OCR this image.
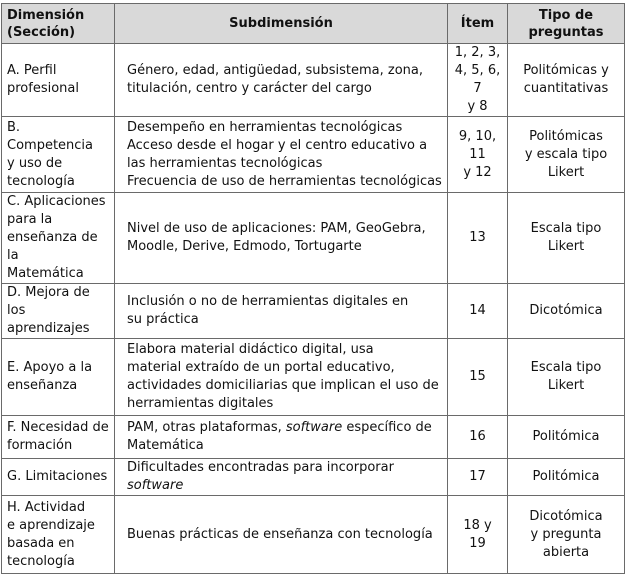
Dimensión
(Sección)	Subdimensión	Ítem	Tipo de
preguntas

A. Perfil
profesional	Género, edad, antigüedad, subsistema, zona,
titulación, centro y carácter del cargo	1, 2, 3,
4, 5, 6, 7
y 8	Politómicas y
cuantitativas

B. Competencia
y uso de
tecnología	Desempeño en herramientas tecnológicas
Acceso desde el hogar y el centro educativo a
las herramientas tecnológicas
Frecuencia de uso de herramientas tecnológicas	9, 10, 11
y 12	Politómicas
y escala tipo
Likert

C. Aplicaciones
para la
enseñanza de la
Matemática	Nivel de uso de aplicaciones: PAM, GeoGebra,
Moodle, Derive, Edmodo, Tortugarte	13	Escala tipo
Likert

D. Mejora de
los aprendizajes	Inclusión o no de herramientas digitales en
su práctica	14	Dicotómica

E. Apoyo a la
enseñanza	Elabora material didáctico digital, usa
material extraído de un portal educativo,
actividades domiciliarias que implican el uso de
herramientas digitales	15	Escala tipo
Likert

F. Necesidad de
formación	PAM, otras plataformas, software específico de
Matemática	16	Politómica

G. Limitaciones	Dificultades encontradas para incorporar software	17	Politómica

H. Actividad
e aprendizaje
basada en
tecnología	Buenas prácticas de enseñanza con tecnología	18 y 19	Dicotómica
y pregunta
abierta
